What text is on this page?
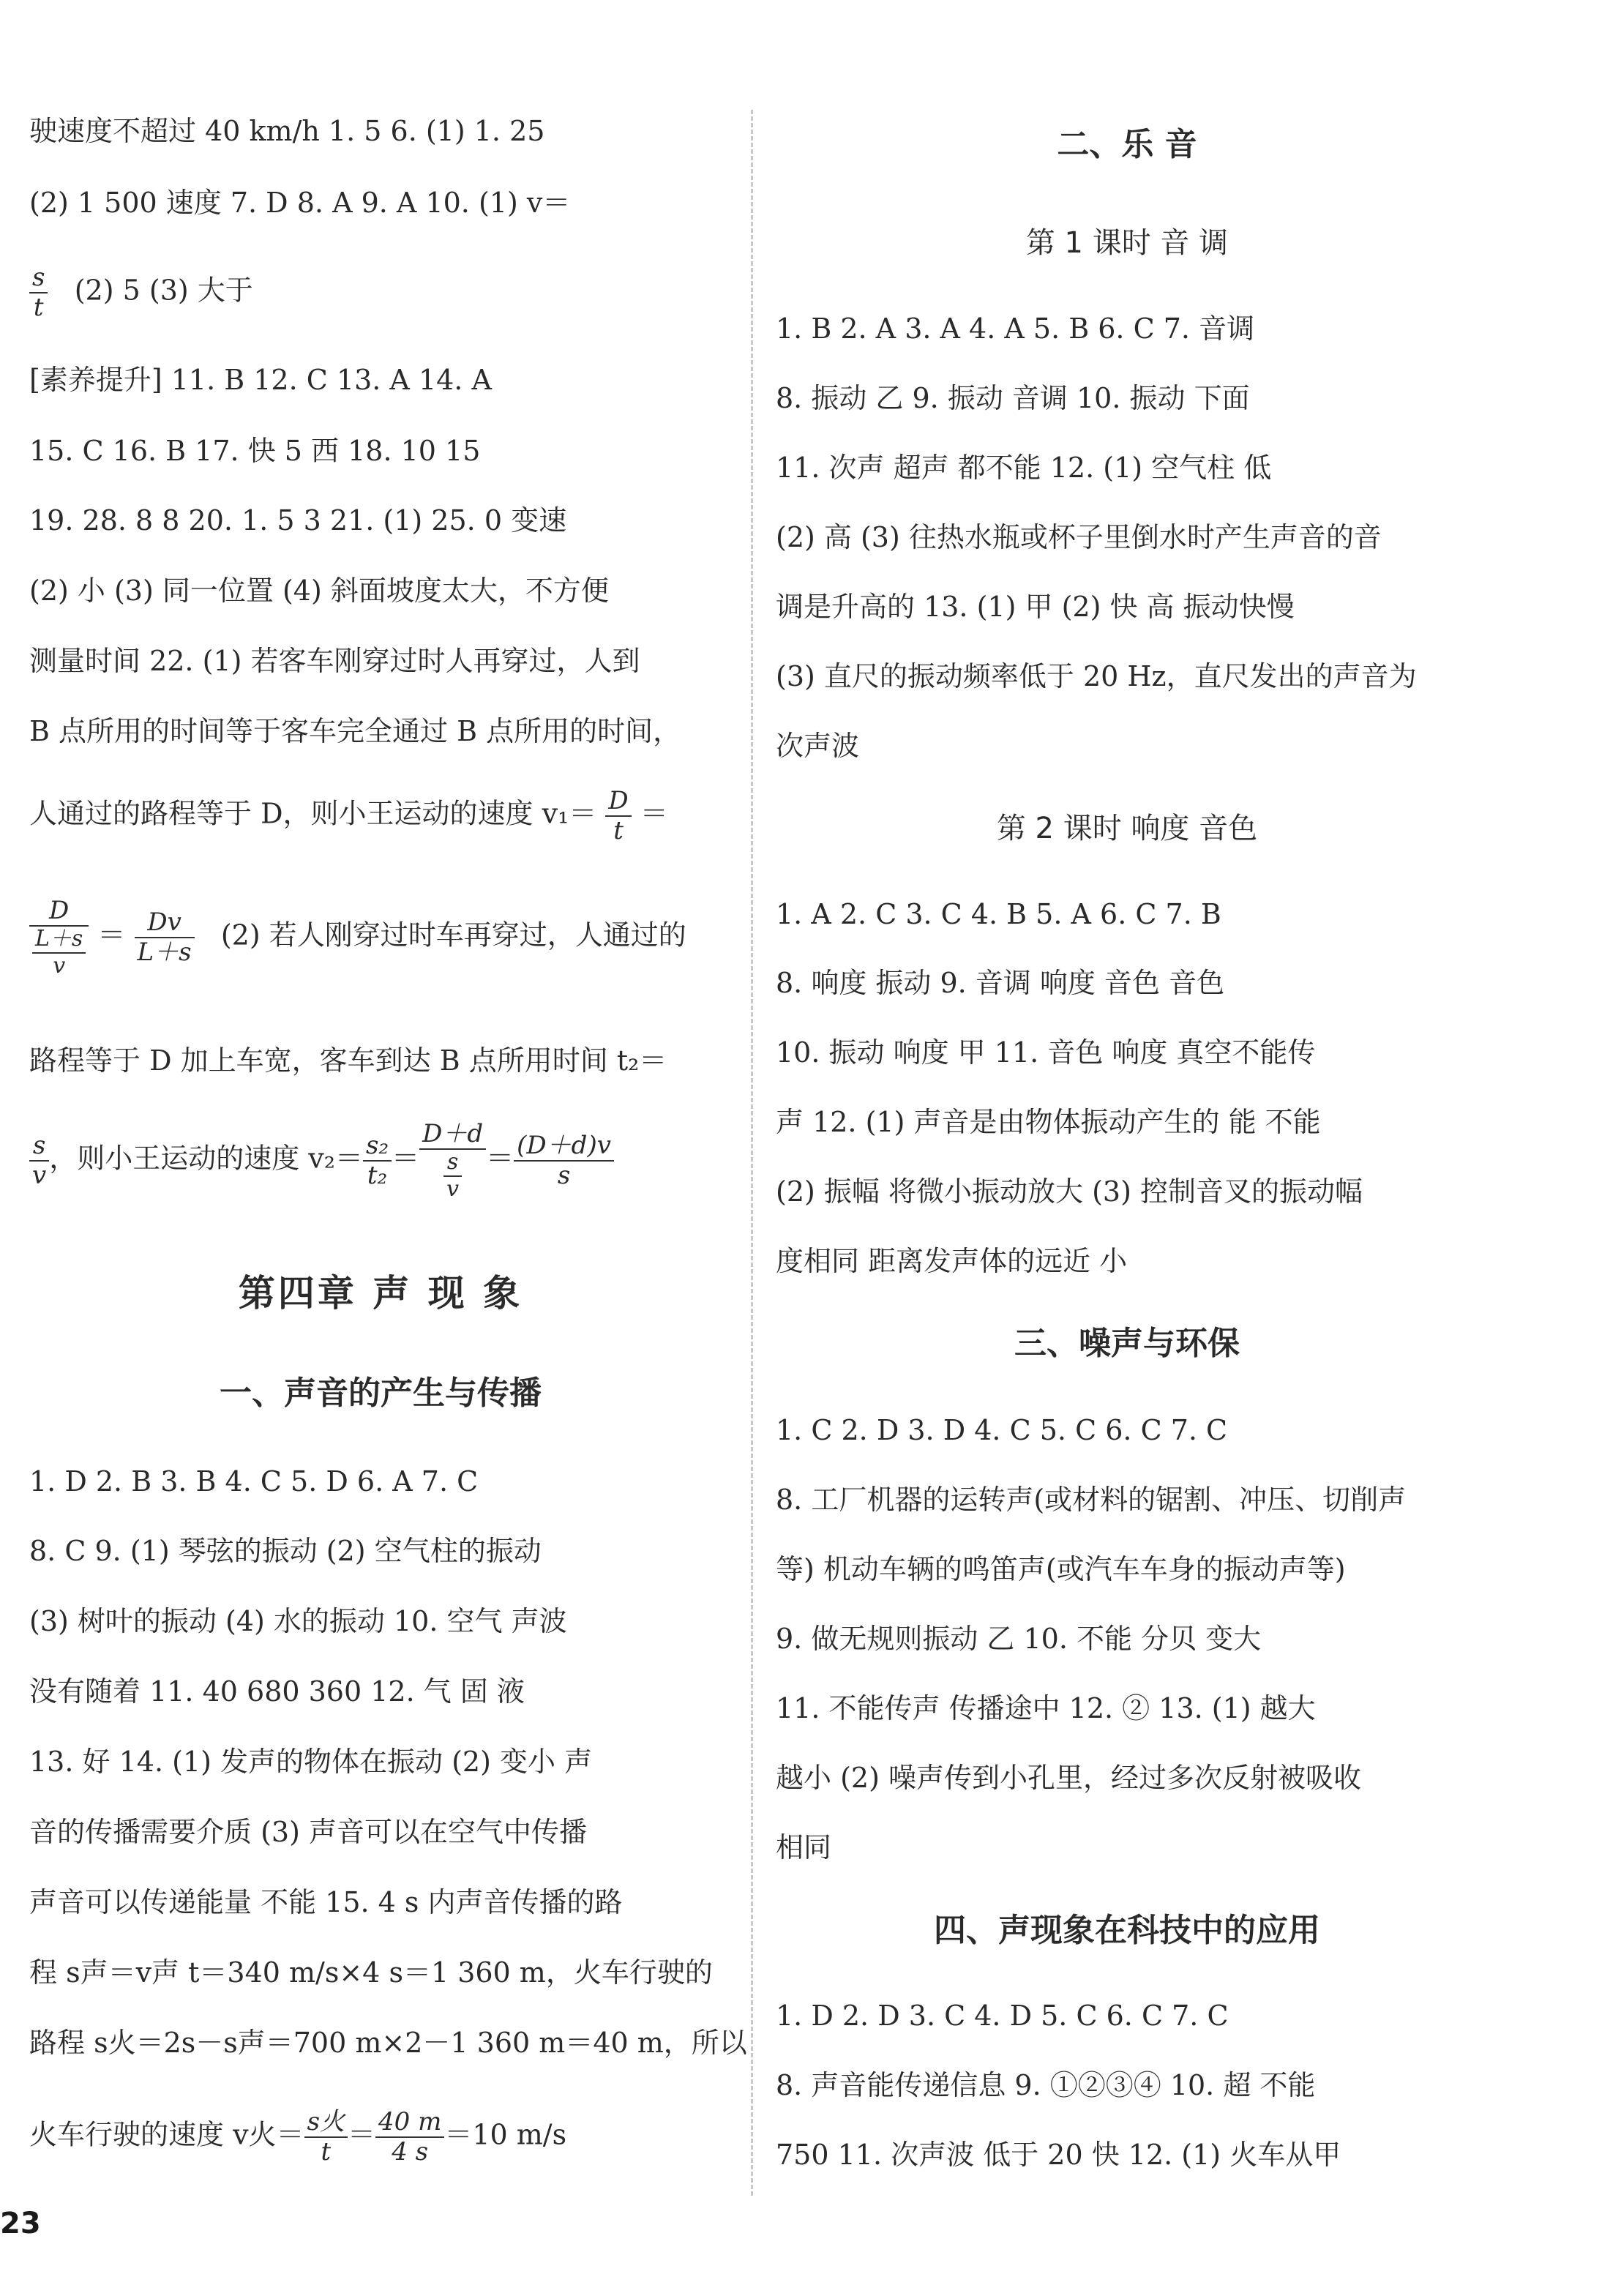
驶速度不超过 40 km/h 1. 5 6. (1) 1. 25
(2) 1 500 速度 7. D 8. A 9. A 10. (1) v＝
$\frac{s}{t} (2)$ 5 (3) 大于
[素养提升] 11. B 12. C 13. A 14. A
15. C 16. B 17. 快 5 西 18. 10 15
19. 28. 8 8 20. 1. 5 3 21. (1) 25. 0 变速
(2) 小 (3) 同一位置 (4) 斜面坡度太大，不方便
测量时间 22. (1) 若客车刚穿过时人再穿过，人到
B 点所用的时间等于客车完全通过 B 点所用的时间，
人通过的路程等于 D，则小王运动的速度 $v_1= \frac{D}{t}$ ＝
$\frac{D}{\frac{L+s}{v}} = \frac{Dv}{L+s} (2)$ 若人刚穿过时车再穿过，人通过的
路程等于 D 加上车宽，客车到达 B 点所用时间 t₂＝
$\frac{s}{v}$ ，则小王运动的速度 $v_2= \frac{\text{s₂}}{\text{t₂}} = \frac{D+d}{\frac{s}{v}} = \frac{(D+d)v}{s}$
第四章 声 现 象
一、声音的产生与传播
1. D 2. B 3. B 4. C 5. D 6. A 7. C
8. C 9. (1) 琴弦的振动 (2) 空气柱的振动
(3) 树叶的振动 (4) 水的振动 10. 空气 声波
没有随着 11. 40 680 360 12. 气 固 液
13. 好 14. (1) 发声的物体在振动 (2) 变小 声
音的传播需要介质 (3) 声音可以在空气中传播
声音可以传递能量 不能 15. 4 s 内声音传播的路
程 s声＝v声 t＝340 m/s×4 s＝1 360 m，火车行驶的
路程 s火＝2s－s声＝700 m×2－1 360 m＝40 m，所以
火车行驶的速度 v火＝ $\frac{\text{s火}}{t} = \frac{40 m}{4 s} =10$ m/s
二、乐 音
第 1 课时 音 调
1. B 2. A 3. A 4. A 5. B 6. C 7. 音调
8. 振动 乙 9. 振动 音调 10. 振动 下面
11. 次声 超声 都不能 12. (1) 空气柱 低
(2) 高 (3) 往热水瓶或杯子里倒水时产生声音的音
调是升高的 13. (1) 甲 (2) 快 高 振动快慢
(3) 直尺的振动频率低于 20 Hz，直尺发出的声音为
次声波
第 2 课时 响度 音色
1. A 2. C 3. C 4. B 5. A 6. C 7. B
8. 响度 振动 9. 音调 响度 音色 音色
10. 振动 响度 甲 11. 音色 响度 真空不能传
声 12. (1) 声音是由物体振动产生的 能 不能
(2) 振幅 将微小振动放大 (3) 控制音叉的振动幅
度相同 距离发声体的远近 小
三、噪声与环保
1. C 2. D 3. D 4. C 5. C 6. C 7. C
8. 工厂机器的运转声(或材料的锯割、冲压、切削声
等) 机动车辆的鸣笛声(或汽车车身的振动声等)
9. 做无规则振动 乙 10. 不能 分贝 变大
11. 不能传声 传播途中 12. ② 13. (1) 越大
越小 (2) 噪声传到小孔里，经过多次反射被吸收
相同
四、声现象在科技中的应用
1. D 2. D 3. C 4. D 5. C 6. C 7. C
8. 声音能传递信息 9. ①②③④ 10. 超 不能
750 11. 次声波 低于 20 快 12. (1) 火车从甲
23
